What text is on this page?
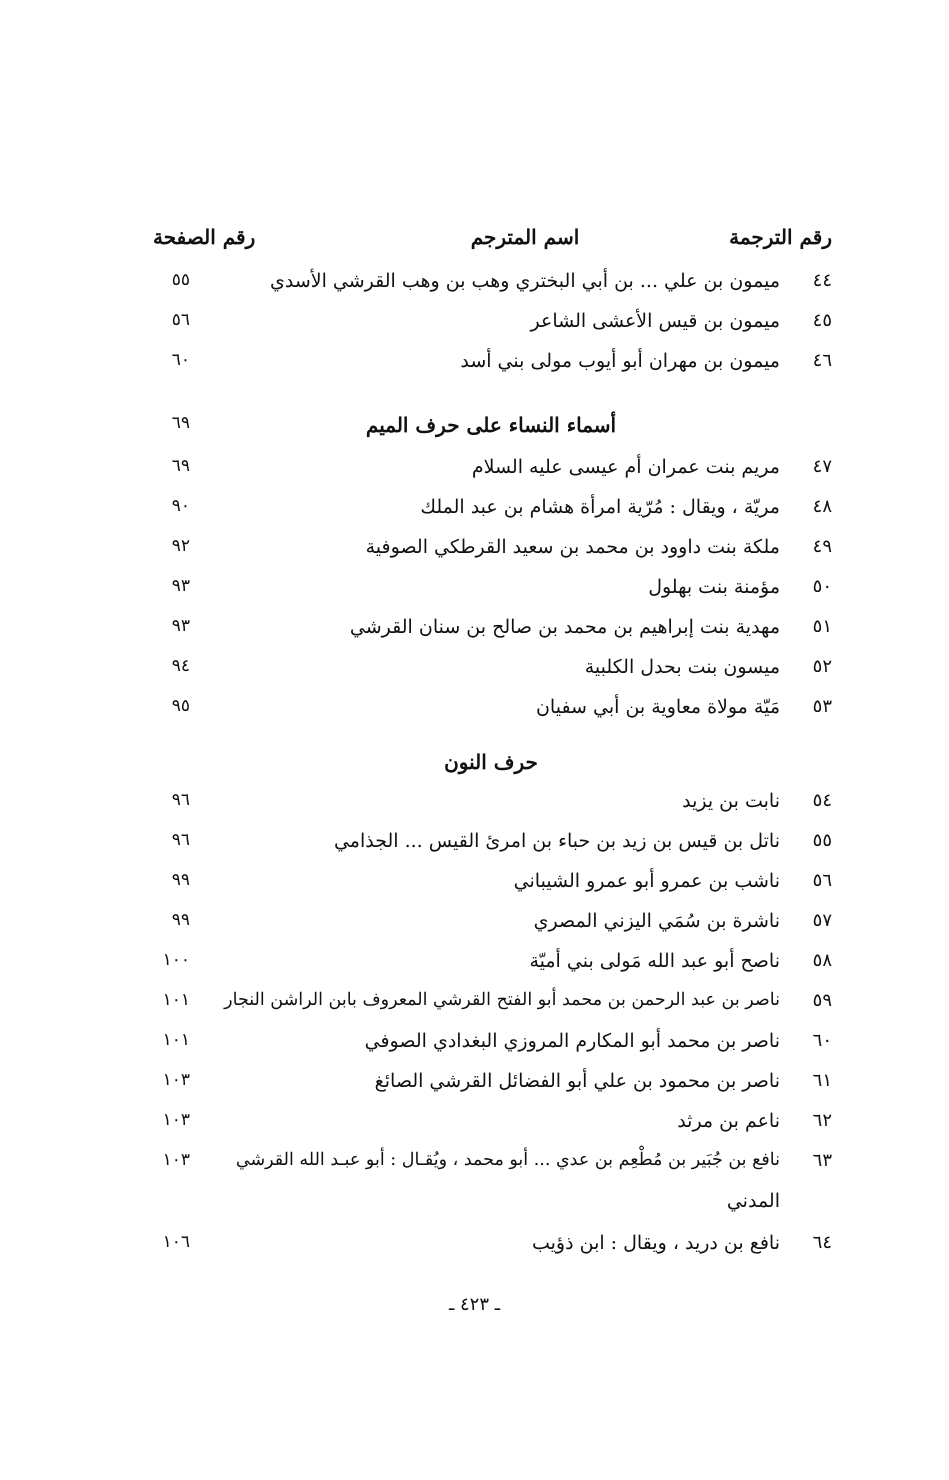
رقم الترجمة
اسم المترجم
رقم الصفحة
٤٤
ميمون بن علي ... بن أبي البختري وهب بن وهب القرشي الأسدي
٥٥
٤٥
ميمون بن قيس الأعشى الشاعر
٥٦
٤٦
ميمون بن مهران أبو أيوب مولى بني أسد
٦٠
أسماء النساء على حرف الميم
٦٩
٤٧
مريم بنت عمران أم عيسى عليه السلام
٦٩
٤٨
مريّة ، ويقال : مُرّية امرأة هشام بن عبد الملك
٩٠
٤٩
ملكة بنت داوود بن محمد بن سعيد القرطكي الصوفية
٩٢
٥٠
مؤمنة بنت بهلول
٩٣
٥١
مهدية بنت إبراهيم بن محمد بن صالح بن سنان القرشي
٩٣
٥٢
ميسون بنت بحدل الكلبية
٩٤
٥٣
مَيّة مولاة معاوية بن أبي سفيان
٩٥
حرف النون
٥٤
نابت بن يزيد
٩٦
٥٥
ناتل بن قيس بن زيد بن حباء بن امرئ القيس ... الجذامي
٩٦
٥٦
ناشب بن عمرو أبو عمرو الشيباني
٩٩
٥٧
ناشرة بن سُمَي اليزني المصري
٩٩
٥٨
ناصح أبو عبد الله مَولى بني أميّة
١٠٠
٥٩
ناصر بن عبد الرحمن بن محمد أبو الفتح القرشي المعروف بابن الراشن النجار
١٠١
٦٠
ناصر بن محمد أبو المكارم المروزي البغدادي الصوفي
١٠١
٦١
ناصر بن محمود بن علي أبو الفضائل القرشي الصائغ
١٠٣
٦٢
ناعم بن مرثد
١٠٣
٦٣
نافع بن جُبَير بن مُطْعِم بن عدي ... أبو محمد ، ويُقـال : أبو عبـد الله القرشي
١٠٣
المدني
٦٤
نافع بن دريد ، ويقال : ابن ذؤيب
١٠٦
ـ ٤٢٣ ـ
